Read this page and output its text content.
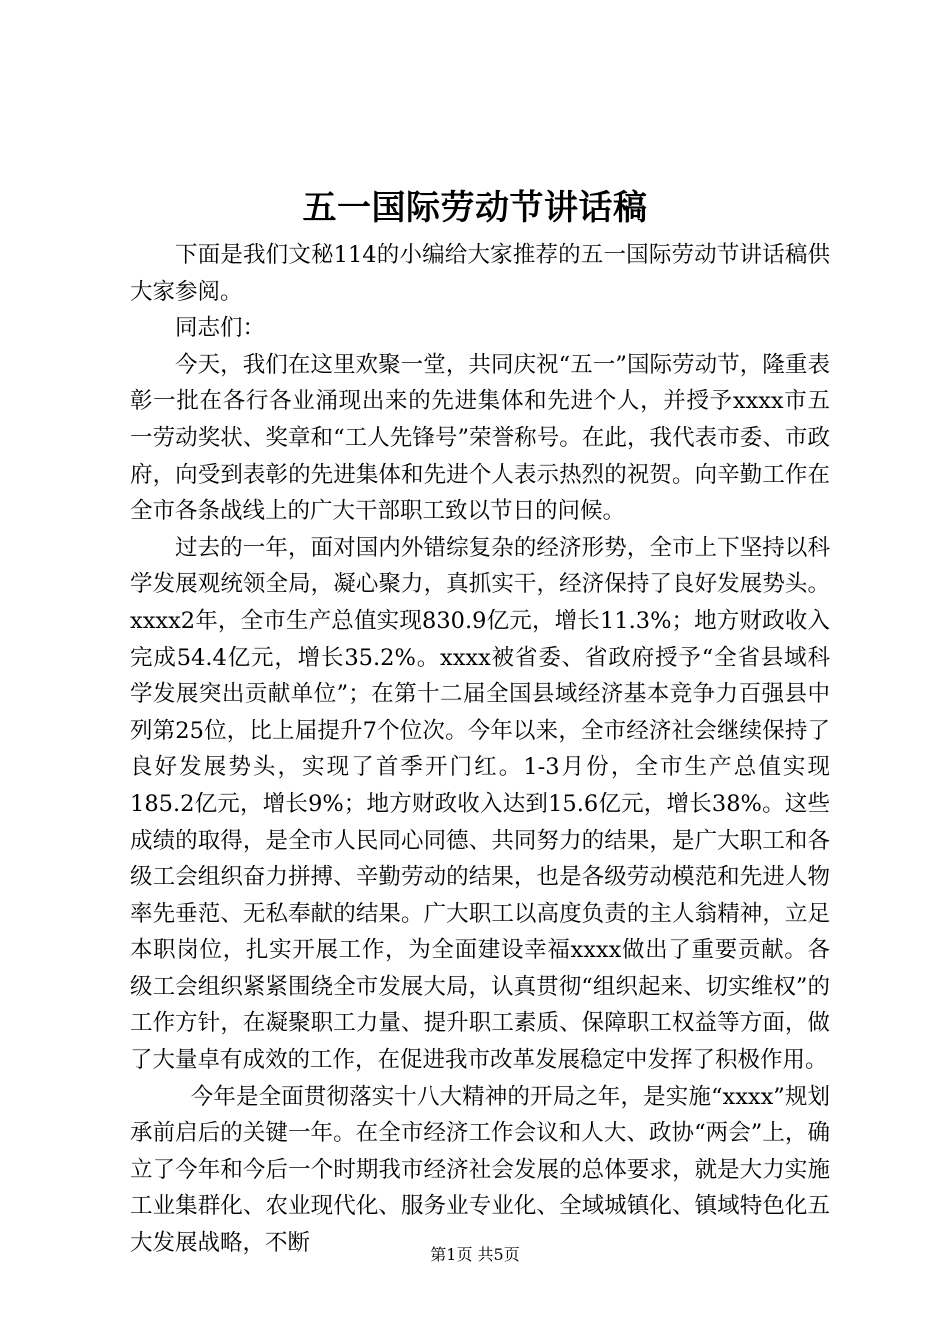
五一国际劳动节讲话稿

下面是我们文秘114的小编给大家推荐的五一国际劳动节讲话稿供大家参阅。

同志们：

今天，我们在这里欢聚一堂，共同庆祝“五一”国际劳动节，隆重表彰一批在各行各业涌现出来的先进集体和先进个人，并授予xxxx市五一劳动奖状、奖章和“工人先锋号”荣誉称号。在此，我代表市委、市政府，向受到表彰的先进集体和先进个人表示热烈的祝贺。向辛勤工作在全市各条战线上的广大干部职工致以节日的问候。

过去的一年，面对国内外错综复杂的经济形势，全市上下坚持以科学发展观统领全局，凝心聚力，真抓实干，经济保持了良好发展势头。xxxx2年，全市生产总值实现830.9亿元，增长11.3%；地方财政收入完成54.4亿元，增长35.2%。xxxx被省委、省政府授予“全省县域科学发展突出贡献单位”；在第十二届全国县域经济基本竞争力百强县中列第25位，比上届提升7个位次。今年以来，全市经济社会继续保持了良好发展势头，实现了首季开门红。1-3月份，全市生产总值实现185.2亿元，增长9%；地方财政收入达到15.6亿元，增长38%。这些成绩的取得，是全市人民同心同德、共同努力的结果，是广大职工和各级工会组织奋力拼搏、辛勤劳动的结果，也是各级劳动模范和先进人物率先垂范、无私奉献的结果。广大职工以高度负责的主人翁精神，立足本职岗位，扎实开展工作，为全面建设幸福xxxx做出了重要贡献。各级工会组织紧紧围绕全市发展大局，认真贯彻“组织起来、切实维权”的工作方针，在凝聚职工力量、提升职工素质、保障职工权益等方面，做了大量卓有成效的工作，在促进我市改革发展稳定中发挥了积极作用。

今年是全面贯彻落实十八大精神的开局之年，是实施“xxxx”规划承前启后的关键一年。在全市经济工作会议和人大、政协“两会”上，确立了今年和今后一个时期我市经济社会发展的总体要求，就是大力实施工业集群化、农业现代化、服务业专业化、全域城镇化、镇域特色化五大发展战略，不断	第1页 共5页
